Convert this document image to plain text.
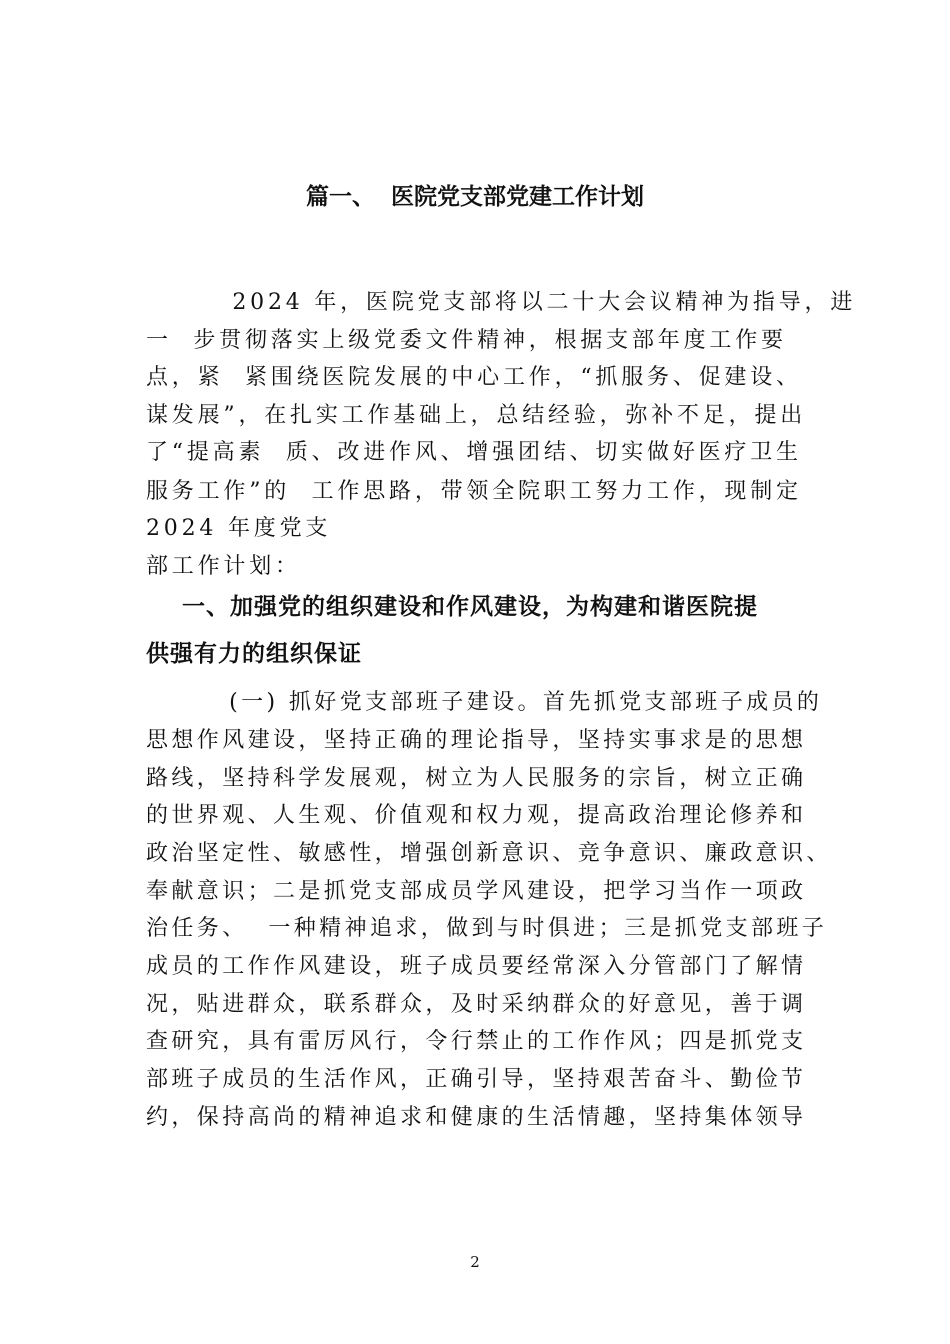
篇一、  医院党支部党建工作计划
2024 年，医院党支部将以二十大会议精神为指导，进
一  步贯彻落实上级党委文件精神，根据支部年度工作要
点，紧  紧围绕医院发展的中心工作，“抓服务、促建设、
谋发展”，在扎实工作基础上，总结经验，弥补不足，提出
了“提高素  质、改进作风、增强团结、切实做好医疗卫生
服务工作”的  工作思路，带领全院职工努力工作，现制定
2024 年度党支
部工作计划：
一、加强党的组织建设和作风建设，为构建和谐医院提
供强有力的组织保证
(一) 抓好党支部班子建设。首先抓党支部班子成员的
思想作风建设，坚持正确的理论指导，坚持实事求是的思想
路线，坚持科学发展观，树立为人民服务的宗旨，树立正确
的世界观、人生观、价值观和权力观，提高政治理论修养和
政治坚定性、敏感性，增强创新意识、竞争意识、廉政意识、
奉献意识；二是抓党支部成员学风建设，把学习当作一项政
治任务、  一种精神追求，做到与时俱进；三是抓党支部班子
成员的工作作风建设，班子成员要经常深入分管部门了解情
况，贴进群众，联系群众，及时采纳群众的好意见，善于调
查研究，具有雷厉风行，令行禁止的工作作风；四是抓党支
部班子成员的生活作风，正确引导，坚持艰苦奋斗、勤俭节
约，保持高尚的精神追求和健康的生活情趣，坚持集体领导
2
